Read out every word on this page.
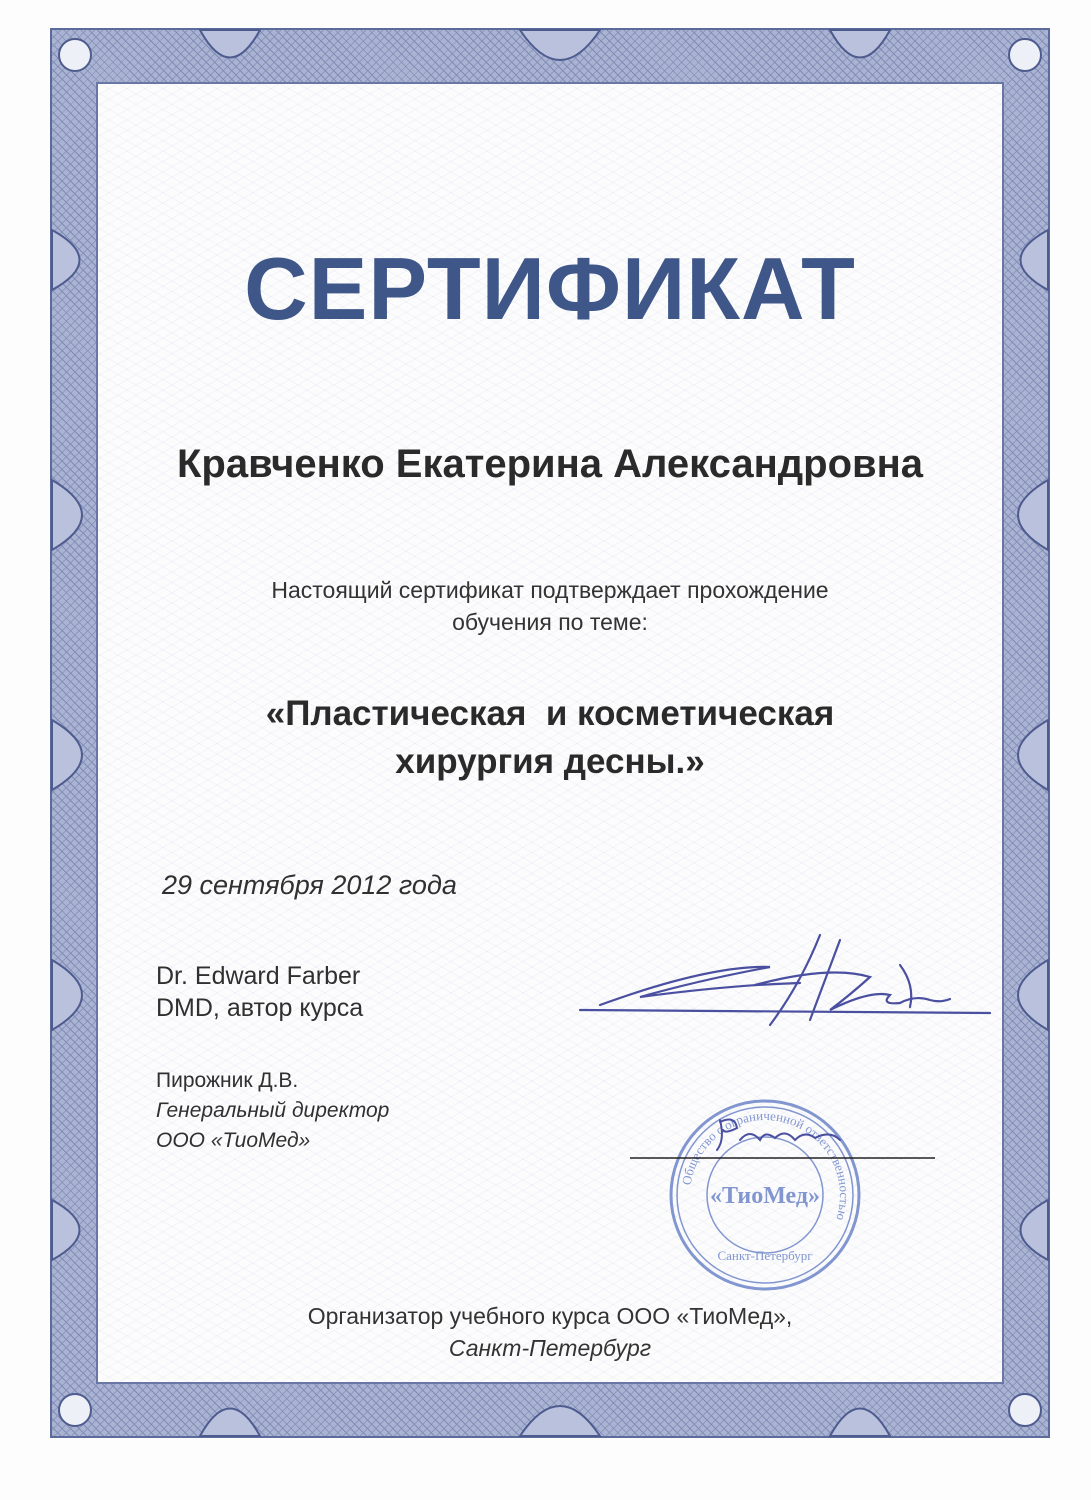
СЕРТИФИКАТ
Кравченко Екатерина Александровна
Настоящий сертификат подтверждает прохождение
обучения по теме:
«Пластическая  и косметическая
хирургия десны.»
29 сентября 2012 года
Dr. Edward Farber
DMD, автор курса
Пирожник Д.В.
Генеральный директор
ООО «ТиоМед»
Общество с ограниченной ответственностью
«ТиоМед»
Санкт-Петербург
Организатор учебного курса ООО «ТиоМед»,
Санкт-Петербург
